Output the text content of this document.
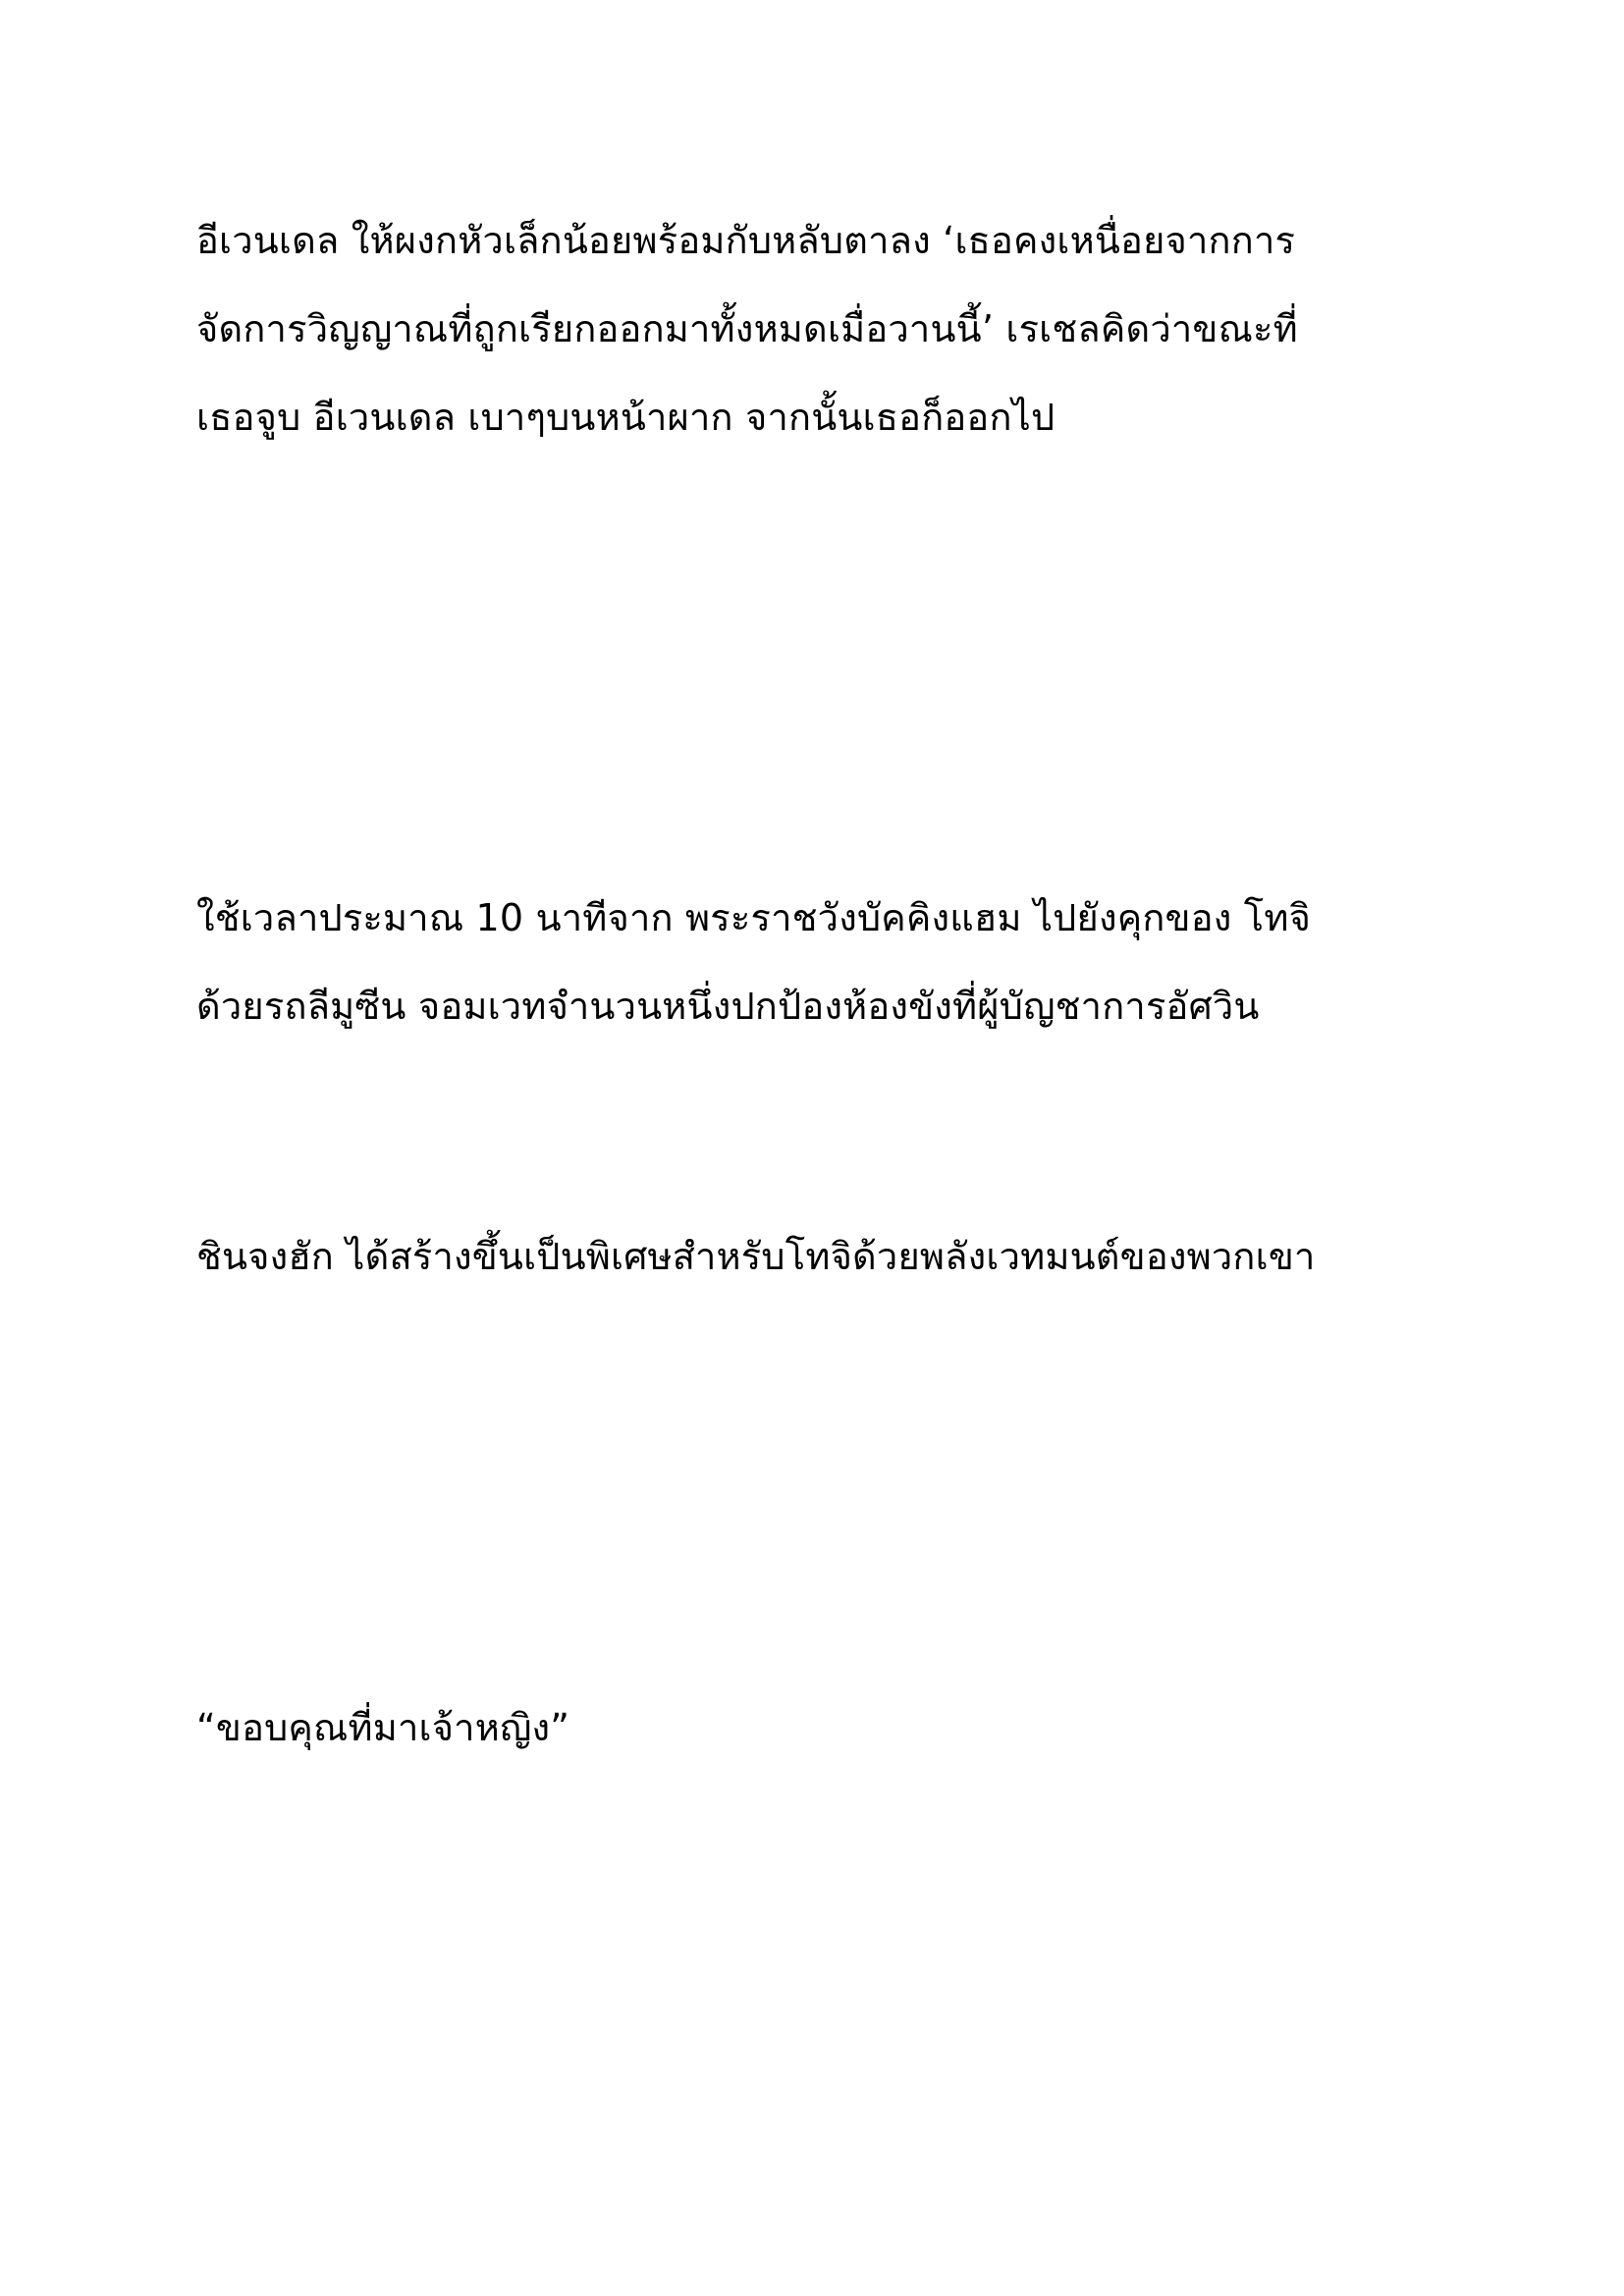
อีเวนเดล ให้ผงกหัวเล็กน้อยพร้อมกับหลับตาลง ‘เธอคงเหนื่อยจากการ
จัดการวิญญาณที่ถูกเรียกออกมาทั้งหมดเมื่อวานนี้’ เรเชลคิดว่าขณะที่
เธอจูบ อีเวนเดล เบาๆบนหน้าผาก จากนั้นเธอก็ออกไป

ใช้เวลาประมาณ 10 นาทีจาก พระราชวังบัคคิงแฮม ไปยังคุกของ โทจิ
ด้วยรถลีมูซีน จอมเวทจำนวนหนึ่งปกป้องห้องขังที่ผู้บัญชาการอัศวิน

ชินจงฮัก ได้สร้างขึ้นเป็นพิเศษสำหรับโทจิด้วยพลังเวทมนต์ของพวกเขา

“ขอบคุณที่มาเจ้าหญิง”
